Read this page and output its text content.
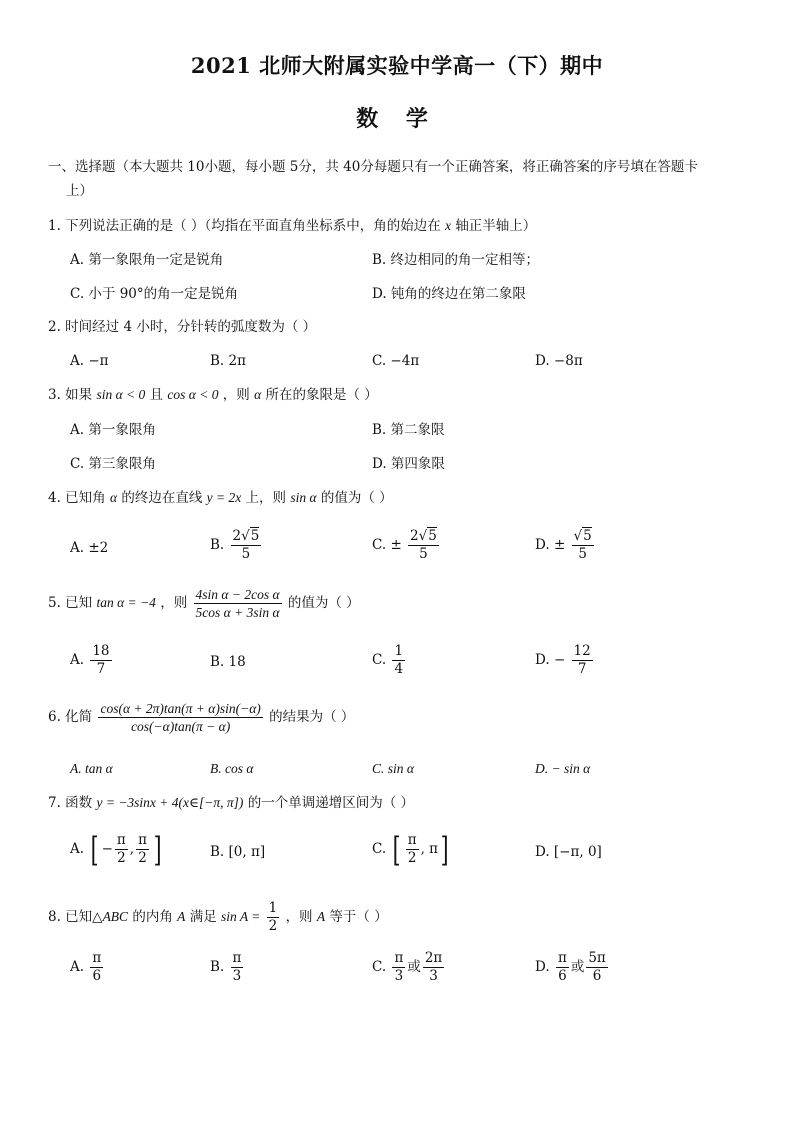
2021 北师大附属实验中学高一（下）期中
数 学
一、选择题（本大题共 10小题，每小题 5分，共 40分每题只有一个正确答案，将正确答案的序号填在答题卡
上）
1. 下列说法正确的是（ ）（均指在平面直角坐标系中，角的始边在 x 轴正半轴上）
A. 第一象限角一定是锐角	B. 终边相同的角一定相等；
C. 小于 90°的角一定是锐角	D. 钝角的终边在第二象限
2. 时间经过 4 小时，分针转的弧度数为（ ）
A. −π	B. 2π	C. −4π	D. −8π
3. 如果 sin α < 0 且 cos α < 0 ，则 α 所在的象限是（ ）
A. 第一象限角	B. 第二象限
C. 第三象限角	D. 第四象限
4. 已知角 α 的终边在直线 y = 2x 上，则 sin α 的值为（ ）
A. ±2	B. $\frac{2√5}{5}$	C. ± $\frac{2√5}{5}$	D. ± $\frac{√5}{5}$
5. 已知 tan α = −4 ，则 $\frac{\text{4sin α − 2cos α}}{\text{5cos α + 3sin α}}$ 的值为（ ）
A. $\frac{18}{7}$	B. 18	C. $\frac{1}{4}$	D. − $\frac{12}{7}$
6. 化简 $\frac{\cos(\alpha + 2\pi)\tan(\pi + \alpha)\sin(-\alpha)}{\cos(-\alpha)\tan(\pi - \alpha)}$ 的结果为（ ）
A. tan α	B. cos α	C. sin α	D. − sin α
7. 函数 y = −3sinx + 4(x∈[−π, π]) 的一个单调递增区间为（ ）
A. [ − $\frac{\pi}{2}$ , $\frac{\pi}{2}$ ]	B. [0, π]	C. [ $\frac{\pi}{2}$ , π]	D. [−π, 0]
8. 已知△ABC 的内角 A 满足 $\sin A = \frac{1}{2}$ ，则 A 等于（ ）
A. $\frac{\pi}{6}$	B. $\frac{\pi}{3}$	C. $\frac{\pi}{3}$ 或 $\frac{2\pi}{3}$	D. $\frac{\pi}{6}$ 或 $\frac{5\pi}{6}$
